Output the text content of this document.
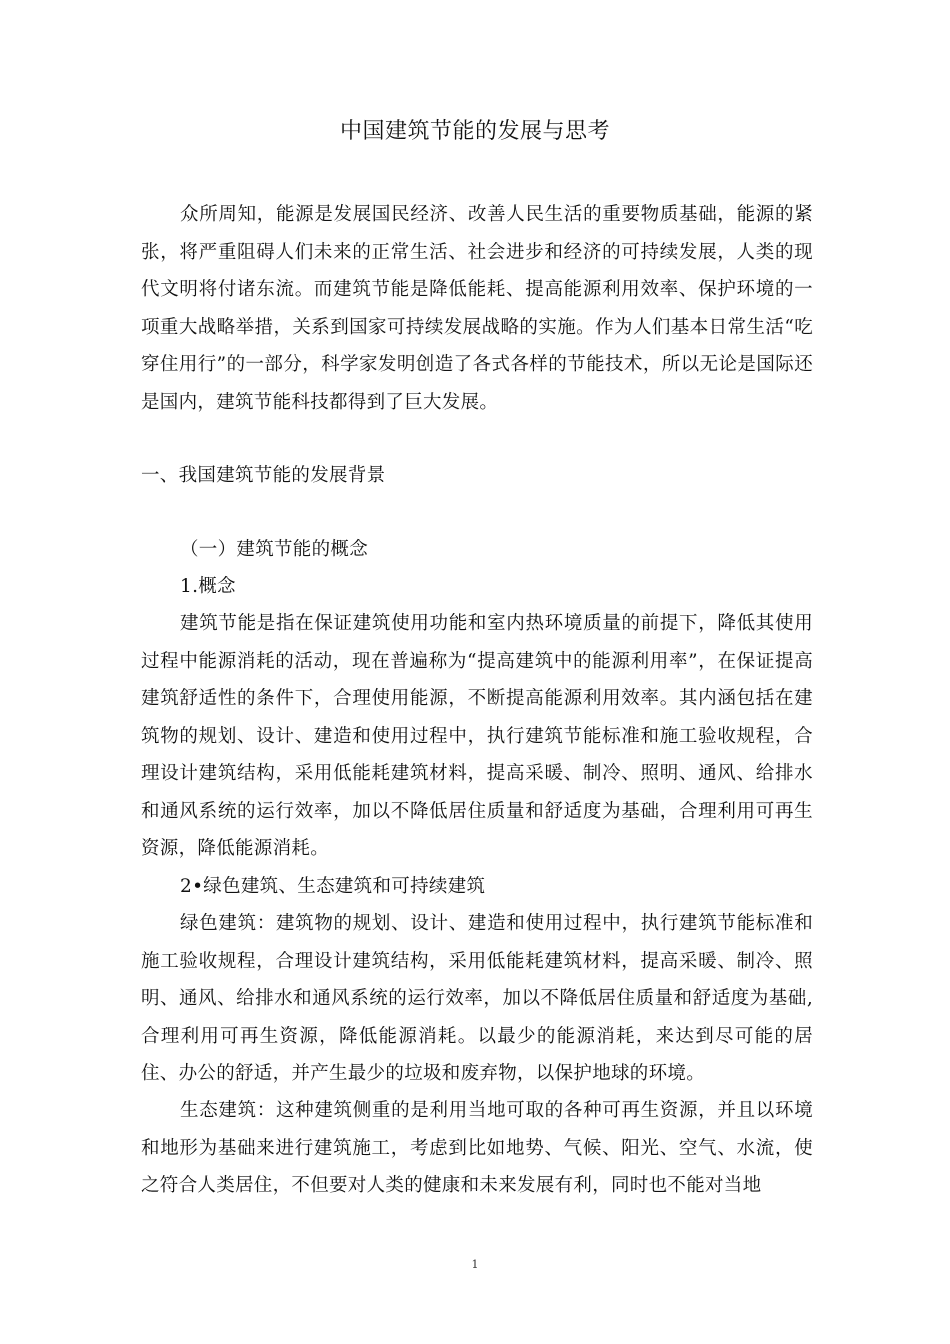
中国建筑节能的发展与思考

众所周知，能源是发展国民经济、改善人民生活的重要物质基础，能源的紧张，将严重阻碍人们未来的正常生活、社会进步和经济的可持续发展，人类的现代文明将付诸东流。而建筑节能是降低能耗、提高能源利用效率、保护环境的一项重大战略举措，关系到国家可持续发展战略的实施。作为人们基本日常生活“吃穿住用行”的一部分，科学家发明创造了各式各样的节能技术，所以无论是国际还是国内，建筑节能科技都得到了巨大发展。

一、我国建筑节能的发展背景
（一）建筑节能的概念
1.概念

建筑节能是指在保证建筑使用功能和室内热环境质量的前提下，降低其使用过程中能源消耗的活动，现在普遍称为“提高建筑中的能源利用率”，在保证提高建筑舒适性的条件下，合理使用能源，不断提高能源利用效率。其内涵包括在建筑物的规划、设计、建造和使用过程中，执行建筑节能标准和施工验收规程，合理设计建筑结构，采用低能耗建筑材料，提高采暖、制冷、照明、通风、给排水和通风系统的运行效率，加以不降低居住质量和舒适度为基础，合理利用可再生资源，降低能源消耗。

2•绿色建筑、生态建筑和可持续建筑

绿色建筑：建筑物的规划、设计、建造和使用过程中，执行建筑节能标准和施工验收规程，合理设计建筑结构，采用低能耗建筑材料，提高采暖、制冷、照明、通风、给排水和通风系统的运行效率，加以不降低居住质量和舒适度为基础,合理利用可再生资源，降低能源消耗。以最少的能源消耗，来达到尽可能的居住、办公的舒适，并产生最少的垃圾和废弃物，以保护地球的环境。

生态建筑：这种建筑侧重的是利用当地可取的各种可再生资源，并且以环境和地形为基础来进行建筑施工，考虑到比如地势、气候、阳光、空气、水流，使之符合人类居住，不但要对人类的健康和未来发展有利，同时也不能对当地

1
